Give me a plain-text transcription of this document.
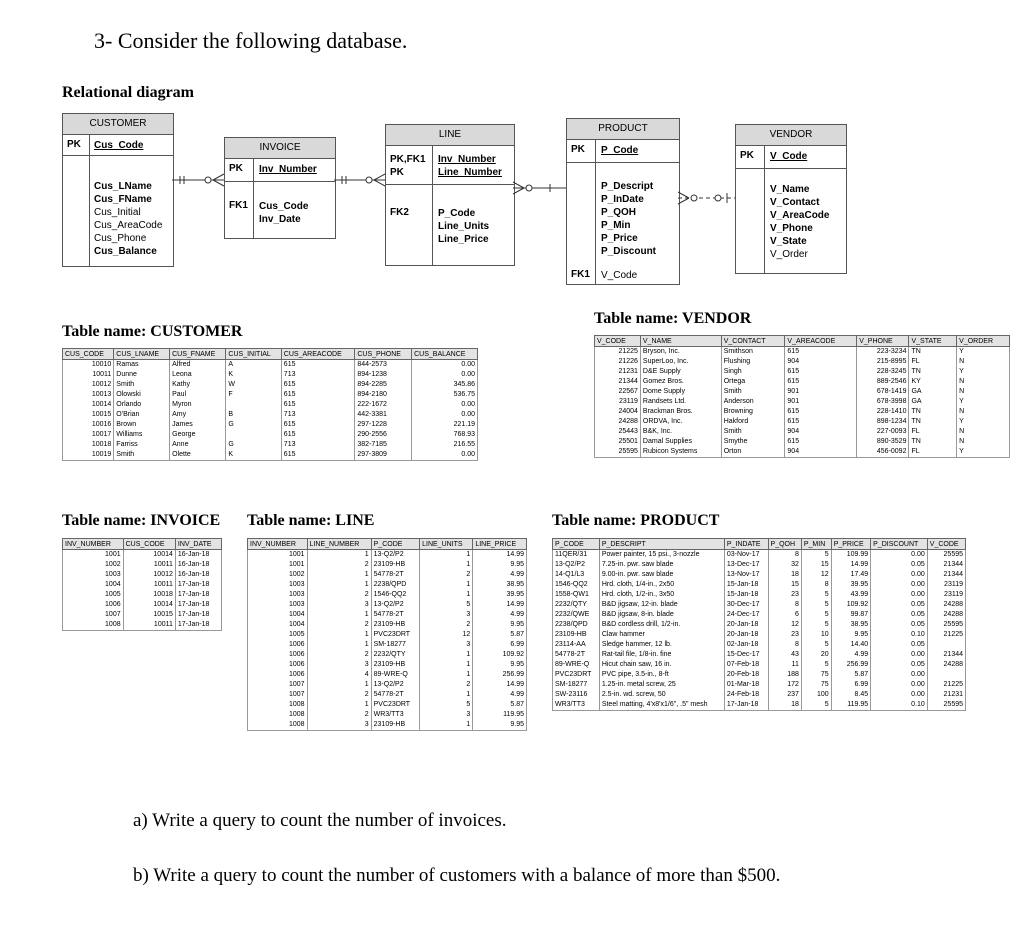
3- Consider the following database.
Relational diagram
CUSTOMER
PK Cus_Code
Cus_LName
Cus_FName
Cus_Initial
Cus_AreaCode
Cus_Phone
Cus_Balance
INVOICE
PK Inv_Number
FK1 Cus_Code
Inv_Date
LINE
PK,FK1
PK
Inv_Number
Line_Number
FK2	P_Code
Line_Units
Line_Price
PRODUCT
PK P_Code
P_Descript
P_InDate
P_QOH
P_Min
P_Price
P_Discount
FK1 V_Code
VENDOR
PK V_Code
V_Name
V_Contact
V_AreaCode
V_Phone
V_State
V_Order
Table name: CUSTOMER
Table name: VENDOR
Table name: INVOICE Table name: LINE	Table name: PRODUCT
CUS_CODE	CUS_LNAME	CUS_FNAME	CUS_INITIAL	CUS_AREACODE	CUS_PHONE	CUS_BALANCE
10010	Ramas	Alfred	A	615	844-2573	0.00
10011	Dunne	Leona	K	713	894-1238	0.00
10012	Smith	Kathy	W	615	894-2285	345.86
10013	Olowski	Paul	F	615	894-2180	536.75
10014	Orlando	Myron		615	222-1672	0.00
10015	O'Brian	Amy	B	713	442-3381	0.00
10016	Brown	James	G	615	297-1228	221.19
10017	Williams	George		615	290-2556	768.93
10018	Farriss	Anne	G	713	382-7185	216.55
10019	Smith	Olette	K	615	297-3809	0.00
V_CODE	V_NAME	V_CONTACT	V_AREACODE	V_PHONE	V_STATE	V_ORDER
21225	Bryson, Inc.	Smithson	615	223-3234	TN	Y
21226	SuperLoo, Inc.	Flushing	904	215-8995	FL	N
21231	D&E Supply	Singh	615	228-3245	TN	Y
21344	Gomez Bros.	Ortega	615	889-2546	KY	N
22567	Dome Supply	Smith	901	678-1419	GA	N
23119	Randsets Ltd.	Anderson	901	678-3998	GA	Y
24004	Brackman Bros.	Browning	615	228-1410	TN	N
24288	ORDVA, Inc.	Hakford	615	898-1234	TN	Y
25443	B&K, Inc.	Smith	904	227-0093	FL	N
25501	Damal Supplies	Smythe	615	890-3529	TN	N
25595	Rubicon Systems	Orton	904	456-0092	FL	Y
INV_NUMBER	CUS_CODE	INV_DATE
1001	10014	16-Jan-18
1002	10011	16-Jan-18
1003	10012	16-Jan-18
1004	10011	17-Jan-18
1005	10018	17-Jan-18
1006	10014	17-Jan-18
1007	10015	17-Jan-18
1008	10011	17-Jan-18
INV_NUMBER	LINE_NUMBER	P_CODE	LINE_UNITS	LINE_PRICE
1001	1	13-Q2/P2	1	14.99
1001	2	23109-HB	1	9.95
1002	1	54778-2T	2	4.99
1003	1	2238/QPD	1	38.95
1003	2	1546-QQ2	1	39.95
1003	3	13-Q2/P2	5	14.99
1004	1	54778-2T	3	4.99
1004	2	23109-HB	2	9.95
1005	1	PVC23DRT	12	5.87
1006	1	SM-18277	3	6.99
1006	2	2232/QTY	1	109.92
1006	3	23109-HB	1	9.95
1006	4	89-WRE-Q	1	256.99
1007	1	13-Q2/P2	2	14.99
1007	2	54778-2T	1	4.99
1008	1	PVC23DRT	5	5.87
1008	2	WR3/TT3	3	119.95
1008	3	23109-HB	1	9.95
P_CODE	P_DESCRIPT	P_INDATE	P_QOH	P_MIN	P_PRICE	P_DISCOUNT	V_CODE
11QER/31	Power painter, 15 psi., 3-nozzle	03-Nov-17	8	5	109.99	0.00	25595
13-Q2/P2	7.25-in. pwr. saw blade	13-Dec-17	32	15	14.99	0.05	21344
14-Q1/L3	9.00-in. pwr. saw blade	13-Nov-17	18	12	17.49	0.00	21344
1546-QQ2	Hrd. cloth, 1/4-in., 2x50	15-Jan-18	15	8	39.95	0.00	23119
1558-QW1	Hrd. cloth, 1/2-in., 3x50	15-Jan-18	23	5	43.99	0.00	23119
2232/QTY	B&D jigsaw, 12-in. blade	30-Dec-17	8	5	109.92	0.05	24288
2232/QWE	B&D jigsaw, 8-in. blade	24-Dec-17	6	5	99.87	0.05	24288
2238/QPD	B&D cordless drill, 1/2-in.	20-Jan-18	12	5	38.95	0.05	25595
23109-HB	Claw hammer	20-Jan-18	23	10	9.95	0.10	21225
23114-AA	Sledge hammer, 12 lb.	02-Jan-18	8	5	14.40	0.05	
54778-2T	Rat-tail file, 1/8-in. fine	15-Dec-17	43	20	4.99	0.00	21344
89-WRE-Q	Hicut chain saw, 16 in.	07-Feb-18	11	5	256.99	0.05	24288
PVC23DRT	PVC pipe, 3.5-in., 8-ft	20-Feb-18	188	75	5.87	0.00	
SM-18277	1.25-in. metal screw, 25	01-Mar-18	172	75	6.99	0.00	21225
SW-23116	2.5-in. wd. screw, 50	24-Feb-18	237	100	8.45	0.00	21231
WR3/TT3	Steel matting, 4'x8'x1/6", .5" mesh	17-Jan-18	18	5	119.95	0.10	25595
a) Write a query to count the number of invoices.
b) Write a query to count the number of customers with a balance of more than $500.
